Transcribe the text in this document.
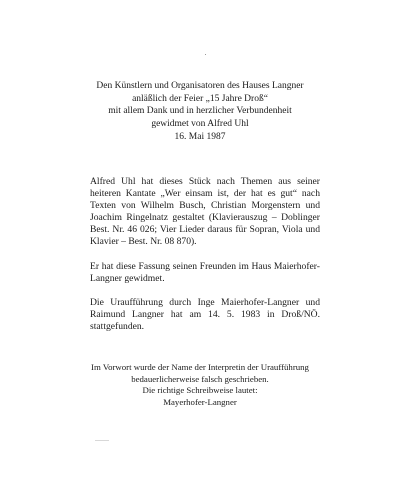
Den Künstlern und Organisatoren des Hauses Langner
anläßlich der Feier „15 Jahre Droß“
mit allem Dank und in herzlicher Verbundenheit
gewidmet von Alfred Uhl
16. Mai 1987

Alfred Uhl hat dieses Stück nach Themen aus seiner heiteren Kantate „Wer einsam ist, der hat es gut“ nach Texten von Wilhelm Busch, Christian Morgenstern und Joachim Ringelnatz gestaltet (Klavierauszug – Doblinger Best. Nr. 46 026; Vier Lieder daraus für Sopran, Viola und Klavier – Best. Nr. 08 870).

Er hat diese Fassung seinen Freunden im Haus Maierhofer-Langner gewidmet.

Die Uraufführung durch Inge Maierhofer-Langner und Raimund Langner hat am 14. 5. 1983 in Droß/NÖ. stattgefunden.

Im Vorwort wurde der Name der Interpretin der Uraufführung
bedauerlicherweise falsch geschrieben.
Die richtige Schreibweise lautet:
Mayerhofer-Langner
